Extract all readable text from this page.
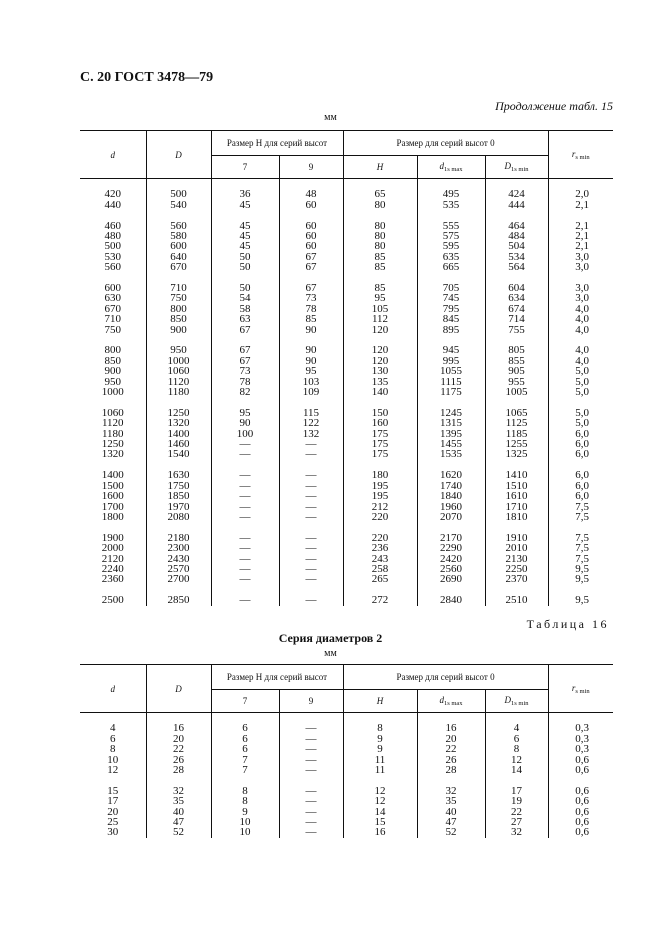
С. 20 ГОСТ 3478—79
Продолжение табл. 15
мм
d	D	Размер H для серий высот		Размер для серий высот 0			$r_{s min}$
		7	9	H	$d_{1s max}$	$D_{1s min}$

420	500	36	48	65	495	424	2,0
440	540	45	60	80	535	444	2,1

460	560	45	60	80	555	464	2,1
480	580	45	60	80	575	484	2,1
500	600	45	60	80	595	504	2,1
530	640	50	67	85	635	534	3,0
560	670	50	67	85	665	564	3,0

600	710	50	67	85	705	604	3,0
630	750	54	73	95	745	634	3,0
670	800	58	78	105	795	674	4,0
710	850	63	85	112	845	714	4,0
750	900	67	90	120	895	755	4,0

800	950	67	90	120	945	805	4,0
850	1000	67	90	120	995	855	4,0
900	1060	73	95	130	1055	905	5,0
950	1120	78	103	135	1115	955	5,0
1000	1180	82	109	140	1175	1005	5,0

1060	1250	95	115	150	1245	1065	5,0
1120	1320	90	122	160	1315	1125	5,0
1180	1400	100	132	175	1395	1185	6,0
1250	1460	—	—	175	1455	1255	6,0
1320	1540	—	—	175	1535	1325	6,0

1400	1630	—	—	180	1620	1410	6,0
1500	1750	—	—	195	1740	1510	6,0
1600	1850	—	—	195	1840	1610	6,0
1700	1970	—	—	212	1960	1710	7,5
1800	2080	—	—	220	2070	1810	7,5

1900	2180	—	—	220	2170	1910	7,5
2000	2300	—	—	236	2290	2010	7,5
2120	2430	—	—	243	2420	2130	7,5
2240	2570	—	—	258	2560	2250	9,5
2360	2700	—	—	265	2690	2370	9,5

2500	2850	—	—	272	2840	2510	9,5
Таблица 16
Серия диаметров 2
мм
d	D	Размер H для серий высот		Размер для серий высот 0			$r_{s min}$
		7	9	H	$d_{1s max}$	$D_{1s min}$

4	16	6	—	8	16	4	0,3
6	20	6	—	9	20	6	0,3
8	22	6	—	9	22	8	0,3
10	26	7	—	11	26	12	0,6
12	28	7	—	11	28	14	0,6

15	32	8	—	12	32	17	0,6
17	35	8	—	12	35	19	0,6
20	40	9	—	14	40	22	0,6
25	47	10	—	15	47	27	0,6
30	52	10	—	16	52	32	0,6
